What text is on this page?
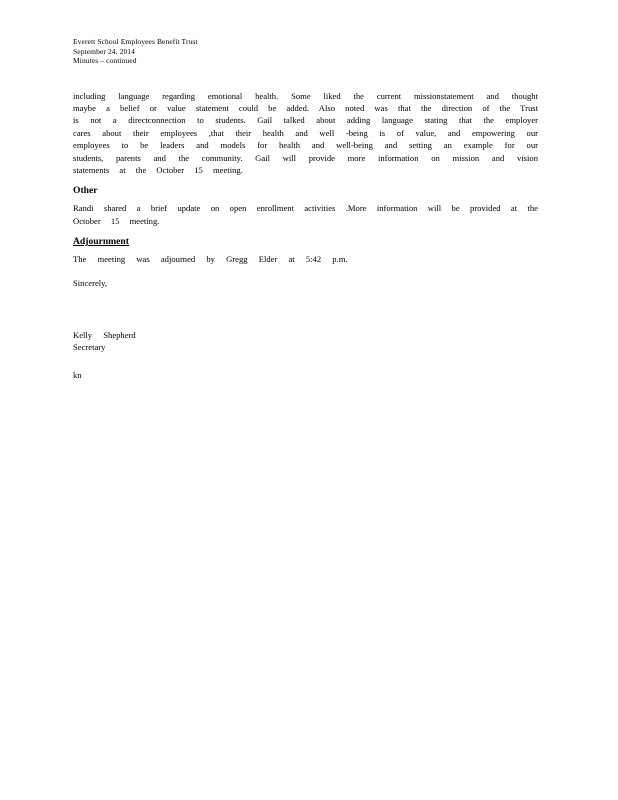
Everett School Employees Benefit Trust
September 24, 2014
Minutes – continued
including language regarding emotional health. Some liked the current missionstatement and thought maybe a belief or value statement could be added. Also noted was that the direction of the Trust is not a directconnection to students. Gail talked about adding language stating that the employer cares about their employees ,that their health and well -being is of value, and empowering our employees to be leaders and models for health and well-being and setting an example for our students, parents and the community. Gail will provide more information on mission and vision statements at the October 15 meeting.
Other
Randi shared a brief update on open enrollment activities .More information will be provided at the October 15 meeting.
Adjournment
The meeting was adjourned by Gregg Elder at 5:42 p.m.
Sincerely,
Kelly Shepherd
Secretary
kn
